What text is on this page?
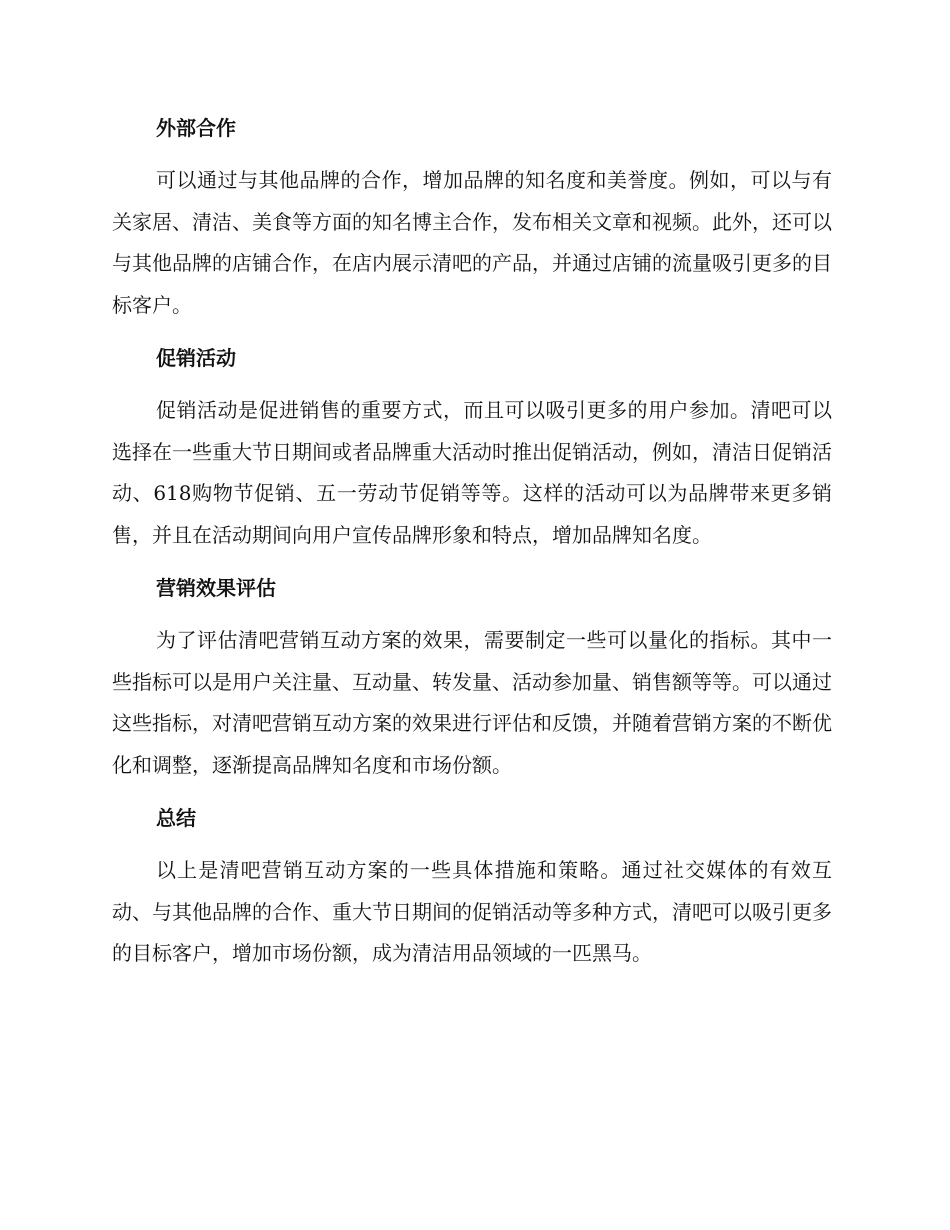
外部合作

可以通过与其他品牌的合作，增加品牌的知名度和美誉度。例如，可以与有关家居、清洁、美食等方面的知名博主合作，发布相关文章和视频。此外，还可以与其他品牌的店铺合作，在店内展示清吧的产品，并通过店铺的流量吸引更多的目标客户。

促销活动

促销活动是促进销售的重要方式，而且可以吸引更多的用户参加。清吧可以选择在一些重大节日期间或者品牌重大活动时推出促销活动，例如，清洁日促销活动、618购物节促销、五一劳动节促销等等。这样的活动可以为品牌带来更多销售，并且在活动期间向用户宣传品牌形象和特点，增加品牌知名度。

营销效果评估

为了评估清吧营销互动方案的效果，需要制定一些可以量化的指标。其中一些指标可以是用户关注量、互动量、转发量、活动参加量、销售额等等。可以通过这些指标，对清吧营销互动方案的效果进行评估和反馈，并随着营销方案的不断优化和调整，逐渐提高品牌知名度和市场份额。

总结

以上是清吧营销互动方案的一些具体措施和策略。通过社交媒体的有效互动、与其他品牌的合作、重大节日期间的促销活动等多种方式，清吧可以吸引更多的目标客户，增加市场份额，成为清洁用品领域的一匹黑马。
